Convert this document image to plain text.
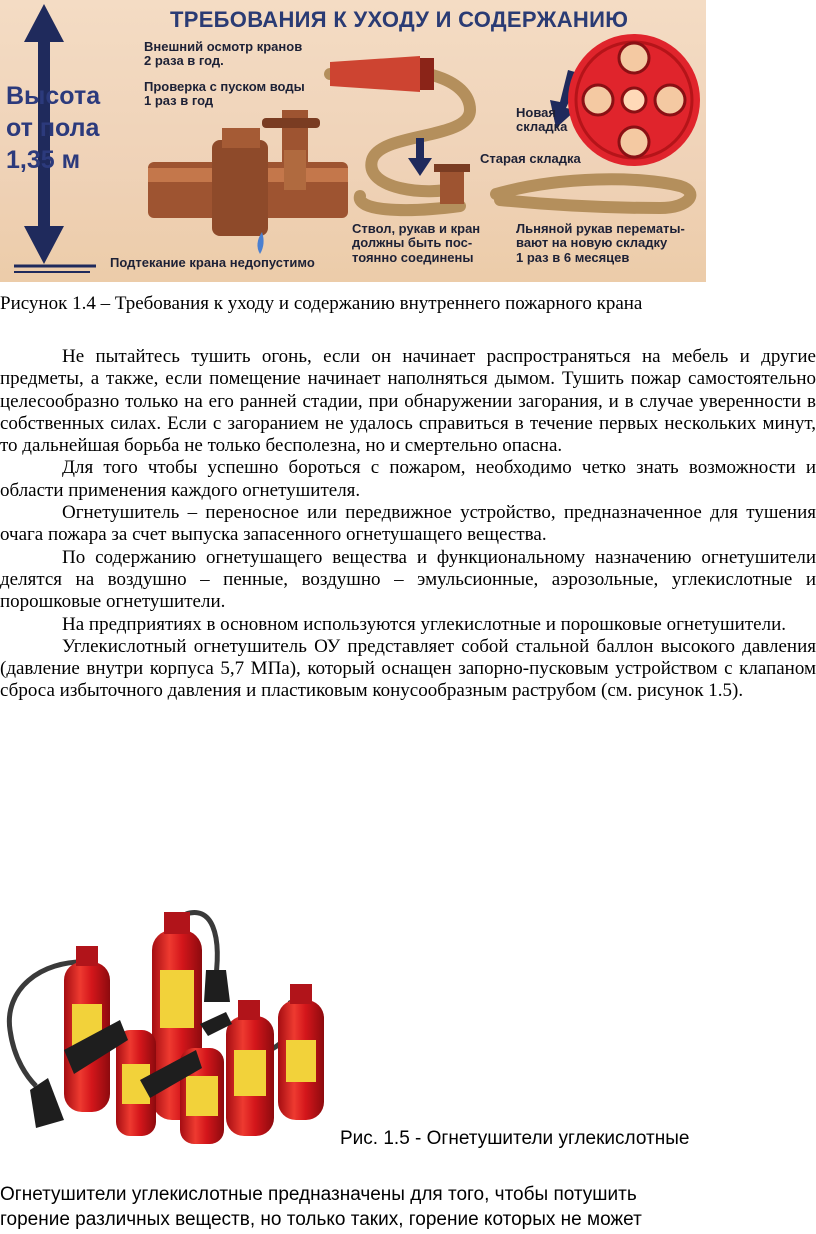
ТРЕБОВАНИЯ К УХОДУ И СОДЕРЖАНИЮ
Высота
от пола
1,35 м
Внешний осмотр кранов
2 раза в год.
Проверка с пуском воды
1 раз в год
Подтекание крана недопустимо
Ствол, рукав и кран
должны быть пос-
тоянно соединены
Новая
складка
Старая складка
Льняной рукав перематы-
вают на новую складку
1 раз в 6 месяцев
Рисунок 1.4 – Требования к уходу и содержанию внутреннего пожарного крана

Не пытайтесь тушить огонь, если он начинает распространяться на мебель и другие предметы, а также, если помещение начинает наполняться дымом. Тушить пожар самостоятельно целесообразно только на его ранней стадии, при обнаружении загорания, и в случае уверенности в собственных силах. Если с загоранием не удалось справиться в течение первых нескольких минут, то дальнейшая борьба не только бесполезна, но и смертельно опасна.

Для того чтобы успешно бороться с пожаром, необходимо четко знать возможности и области применения каждого огнетушителя.

Огнетушитель – переносное или передвижное устройство, предназначенное для тушения очага пожара за счет выпуска запасенного огнетушащего вещества.

По содержанию огнетушащего вещества и функциональному назначению огнетушители делятся на воздушно – пенные, воздушно – эмульсионные, аэрозольные, углекислотные и порошковые огнетушители.

На предприятиях в основном используются углекислотные и порошковые огнетушители.

Углекислотный огнетушитель ОУ представляет собой стальной баллон высокого давления (давление внутри корпуса 5,7 МПа), который оснащен запорно-пусковым устройством с клапаном сброса избыточного давления и пластиковым конусообразным раструбом (см. рисунок 1.5).

Рис. 1.5 - Огнетушители углекислотные

Огнетушители углекислотные предназначены для того, чтобы потушить

горение различных веществ, но только таких, горение которых не может
